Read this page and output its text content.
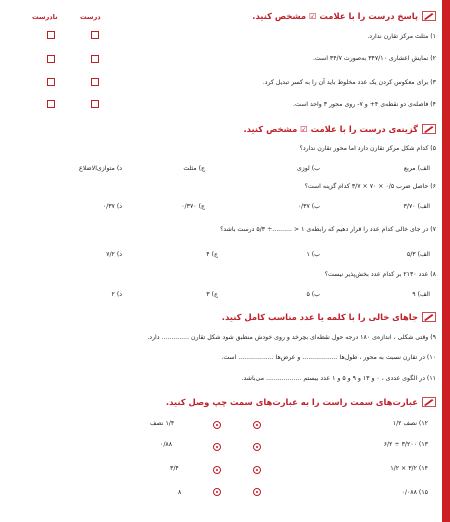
پاسخ درست را با علامت ☑ مشخص کنید.
درست
نادرست
۱) مثلث مرکز تقارن ندارد.
۲) نمایش اعشاری ۳۴۷/۱۰ به‌صورت ۳۴/۷ است.
۳) برای معکوس کردن یک عدد مخلوط باید آن را به کسر تبدیل کرد.
۴) فاصله‌ی دو نقطه‌ی ۴+ و ۷- روی محور ۳ واحد است.
گزینه‌ی درست را با علامت ☑ مشخص کنید.
۵) کدام شکل مرکز تقارن دارد اما محور تقارن ندارد؟
الف) مربع
ب) لوزی
ج) مثلث
د) متوازی‌الاضلاع
۶) حاصل ضرب ۰/۵ × ۷۰ × ۳/۷ کدام گزینه است؟
الف) ۳/۷۰
ب) ۰/۳۷
ج) ۰/۳۷۰
د) ۰/۳۷
۷) در جای خالی کدام عدد را قرار دهیم که رابطه‌ی ۱ < ..........÷ ۵/۳ درست باشد؟
الف) ۵/۳
ب) ۱
ج) ۴
د) ۷/۲
۸) عدد ۲۱۳۰ بر کدام عدد بخش‌پذیر نیست؟
الف) ۹
ب) ۵
ج) ۳
د) ۲
جاهای خالی را با کلمه یا عدد مناسب کامل کنید.
۹) وقتی شکلی ، اندازه‌ی ۱۸۰ درجه حول نقطه‌ای بچرخد و روی خودش منطبق شود شکل تقارن .............. دارد.
۱۰) در تقارن نسبت به محور ، طول‌ها .................. و عرض‌ها .................. است.
۱۱) در الگوی عددی ، ۰ و ۱۳ و ۹ و ۵ و ۱ عدد بیستم .................. می‌باشد.
عبارت‌های سمت راست را به عبارت‌های سمت چپ وصل کنید.
۱۲) نصف ۱/۲
۱۳) ۳/۲۰۰ ÷ ۶/۲
۱۴) ۳/۲ × ۱/۲
۱۵) ۰/۰۸۸
۱/۴ نصف
۰/۸۸
۳/۴
۸
